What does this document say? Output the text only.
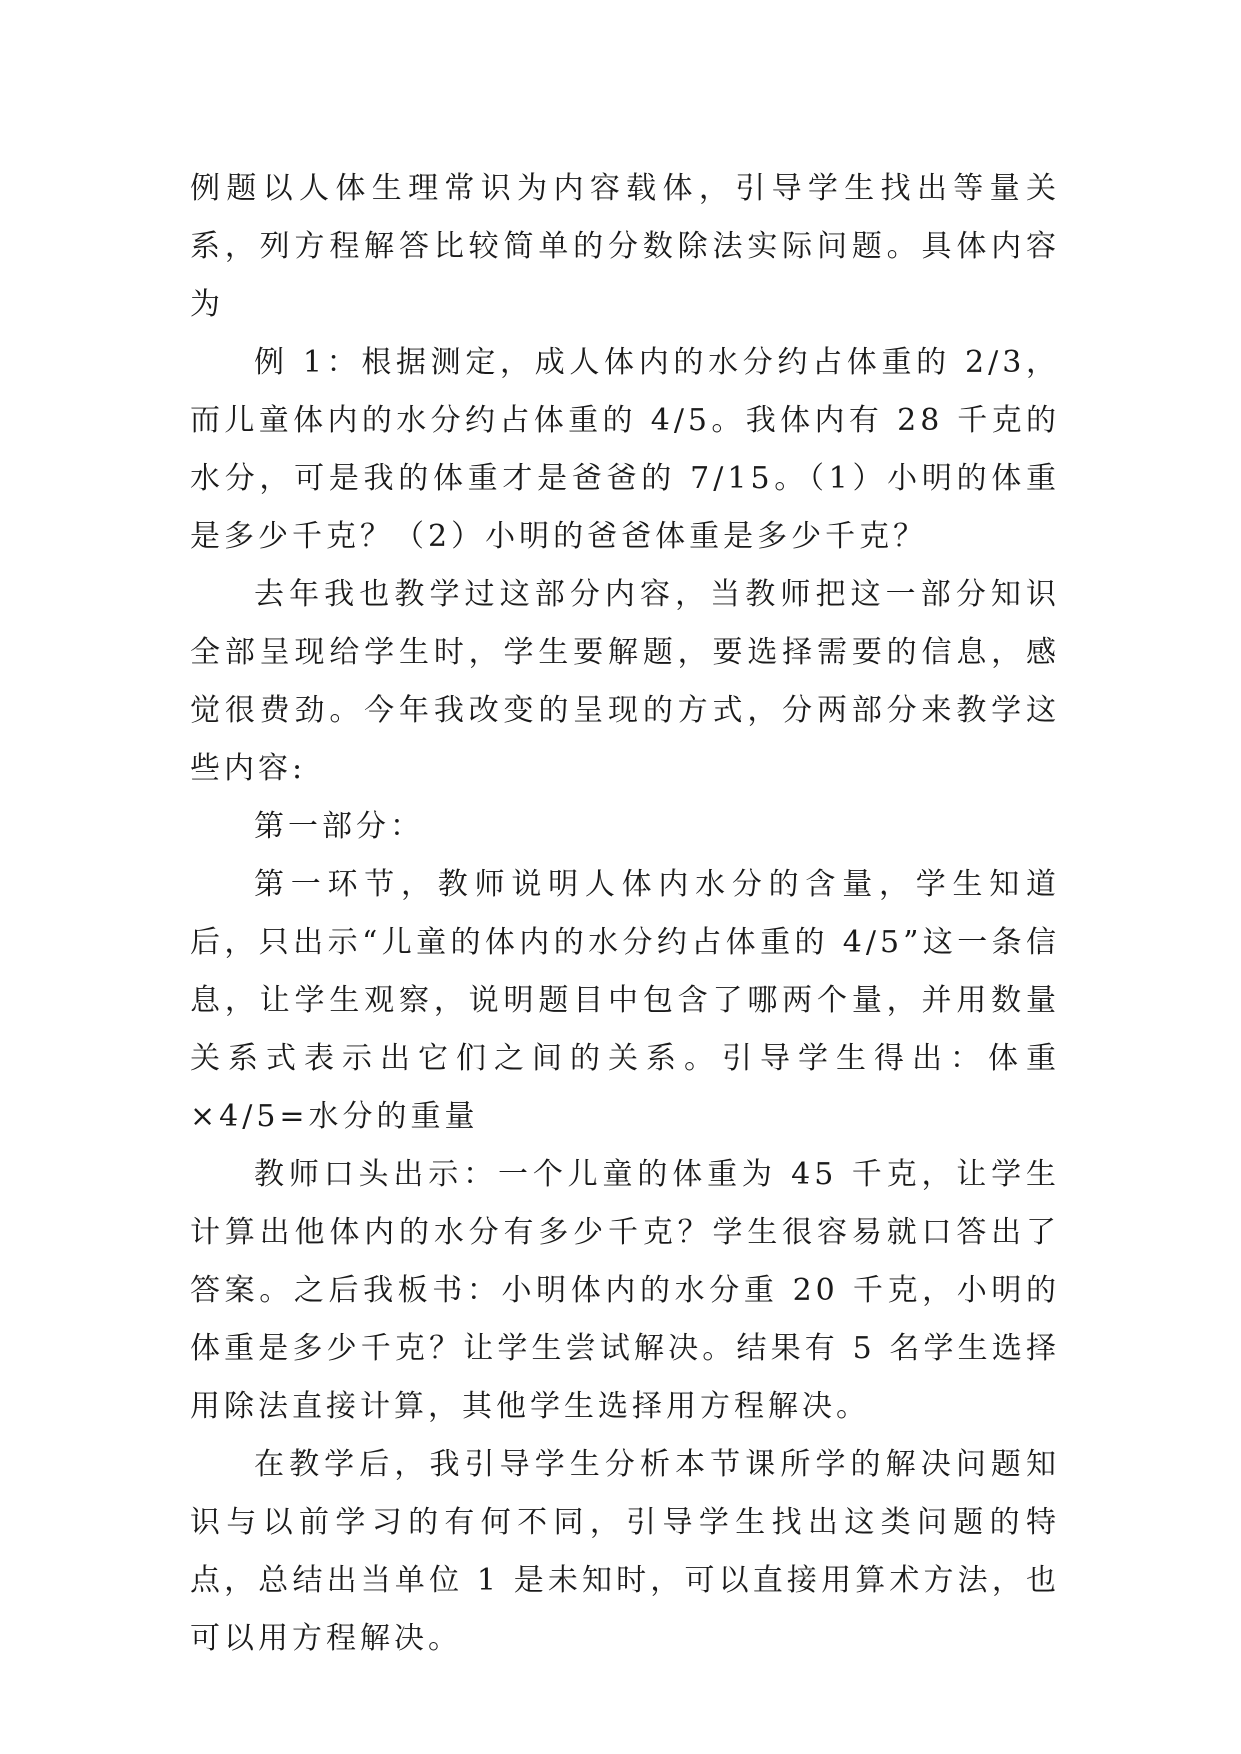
例题以人体生理常识为内容载体，引导学生找出等量关系，列方程解答比较简单的分数除法实际问题。具体内容为

例 1：根据测定，成人体内的水分约占体重的 2/3，而儿童体内的水分约占体重的 4/5。我体内有 28 千克的水分，可是我的体重才是爸爸的 7/15。（1）小明的体重是多少千克？（2）小明的爸爸体重是多少千克？

去年我也教学过这部分内容，当教师把这一部分知识全部呈现给学生时，学生要解题，要选择需要的信息，感觉很费劲。今年我改变的呈现的方式，分两部分来教学这些内容:

第一部分：

第一环节，教师说明人体内水分的含量，学生知道后，只出示“儿童的体内的水分约占体重的 4/5”这一条信息，让学生观察，说明题目中包含了哪两个量，并用数量关系式表示出它们之间的关系。引导学生得出：体重×4/5=水分的重量

教师口头出示：一个儿童的体重为 45 千克，让学生计算出他体内的水分有多少千克？学生很容易就口答出了答案。之后我板书：小明体内的水分重 20 千克，小明的体重是多少千克？让学生尝试解决。结果有 5 名学生选择用除法直接计算，其他学生选择用方程解决。

在教学后，我引导学生分析本节课所学的解决问题知识与以前学习的有何不同，引导学生找出这类问题的特点，总结出当单位 1 是未知时，可以直接用算术方法，也可以用方程解决。
